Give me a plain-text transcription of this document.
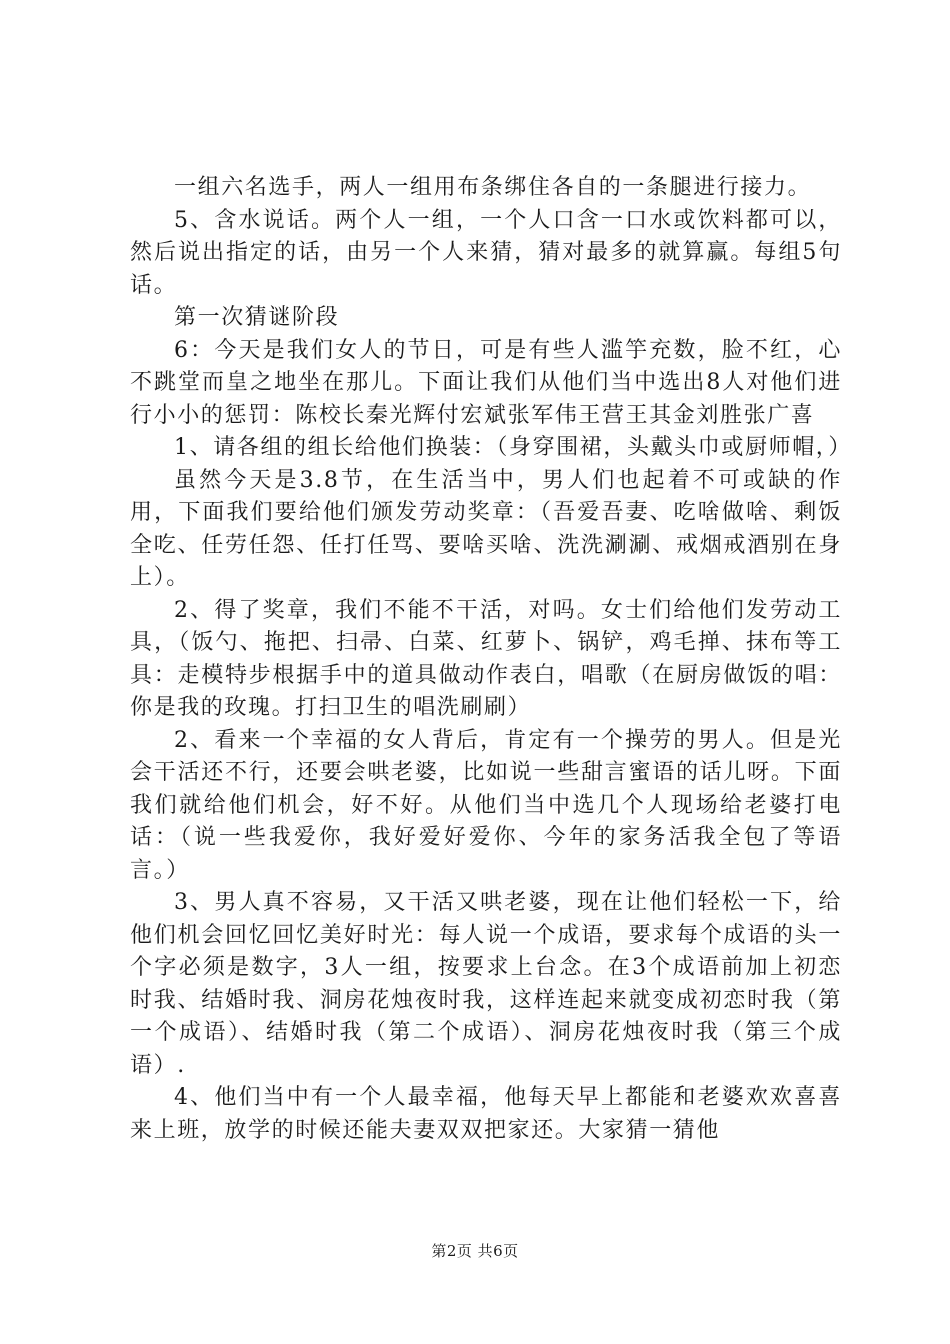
一组六名选手，两人一组用布条绑住各自的一条腿进行接力。

5、含水说话。两个人一组，一个人口含一口水或饮料都可以，然后说出指定的话，由另一个人来猜，猜对最多的就算赢。每组5句话。

第一次猜谜阶段

6：今天是我们女人的节日，可是有些人滥竽充数，脸不红，心不跳堂而皇之地坐在那儿。下面让我们从他们当中选出8人对他们进行小小的惩罚：陈校长秦光辉付宏斌张军伟王营王其金刘胜张广喜

1、请各组的组长给他们换装：（身穿围裙，头戴头巾或厨师帽，）

虽然今天是3.8节，在生活当中，男人们也起着不可或缺的作用，下面我们要给他们颁发劳动奖章：（吾爱吾妻、吃啥做啥、剩饭全吃、任劳任怨、任打任骂、要啥买啥、洗洗涮涮、戒烟戒酒别在身上）。

2、得了奖章，我们不能不干活，对吗。女士们给他们发劳动工具，（饭勺、拖把、扫帚、白菜、红萝卜、锅铲，鸡毛掸、抹布等工具：走模特步根据手中的道具做动作表白，唱歌（在厨房做饭的唱：你是我的玫瑰。打扫卫生的唱洗刷刷）

2、看来一个幸福的女人背后，肯定有一个操劳的男人。但是光会干活还不行，还要会哄老婆，比如说一些甜言蜜语的话儿呀。下面我们就给他们机会，好不好。从他们当中选几个人现场给老婆打电话：（说一些我爱你，我好爱好爱你、今年的家务活我全包了等语言。）

3、男人真不容易，又干活又哄老婆，现在让他们轻松一下，给他们机会回忆回忆美好时光：每人说一个成语，要求每个成语的头一个字必须是数字，3人一组，按要求上台念。在3个成语前加上初恋时我、结婚时我、洞房花烛夜时我，这样连起来就变成初恋时我（第一个成语）、结婚时我（第二个成语）、洞房花烛夜时我（第三个成语）.

4、他们当中有一个人最幸福，他每天早上都能和老婆欢欢喜喜来上班，放学的时候还能夫妻双双把家还。大家猜一猜他

第2页 共6页
